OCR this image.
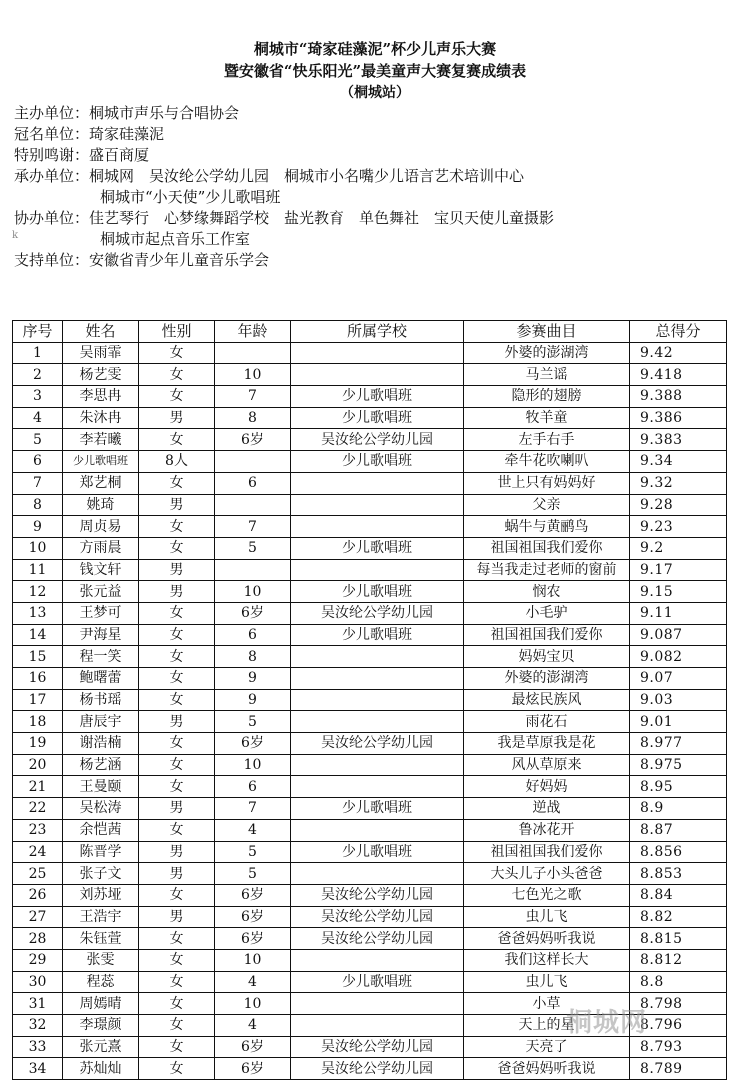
桐城市“琦家硅藻泥”杯少儿声乐大赛
暨安徽省“快乐阳光”最美童声大赛复赛成绩表
（桐城站）
主办单位：桐城市声乐与合唱协会
冠名单位：琦家硅藻泥
特别鸣谢：盛百商厦
承办单位：桐城网　吴汝纶公学幼儿园　桐城市小名嘴少儿语言艺术培训中心
桐城市“小天使”少儿歌唱班
协办单位：佳艺琴行　心梦缘舞蹈学校　盐光教育　单色舞社　宝贝天使儿童摄影
桐城市起点音乐工作室
支持单位：安徽省青少年儿童音乐学会
k
序号	姓名	性别	年龄	所属学校	参赛曲目	总得分
1	吴雨霏	女			外婆的澎湖湾	9.42
2	杨艺雯	女	10		马兰谣	9.418
3	李思冉	女	7	少儿歌唱班	隐形的翅膀	9.388
4	朱沐冉	男	8	少儿歌唱班	牧羊童	9.386
5	李若曦	女	6岁	吴汝纶公学幼儿园	左手右手	9.383
6	少儿歌唱班	8人		少儿歌唱班	牵牛花吹喇叭	9.34
7	郑艺桐	女	6		世上只有妈妈好	9.32
8	姚琦	男			父亲	9.28
9	周贞易	女	7		蜗牛与黄鹂鸟	9.23
10	方雨晨	女	5	少儿歌唱班	祖国祖国我们爱你	9.2
11	钱文轩	男			每当我走过老师的窗前	9.17
12	张元益	男	10	少儿歌唱班	悯农	9.15
13	王梦可	女	6岁	吴汝纶公学幼儿园	小毛驴	9.11
14	尹海星	女	6	少儿歌唱班	祖国祖国我们爱你	9.087
15	程一笑	女	8		妈妈宝贝	9.082
16	鲍曙蕾	女	9		外婆的澎湖湾	9.07
17	杨书瑶	女	9		最炫民族风	9.03
18	唐辰宇	男	5		雨花石	9.01
19	谢浩楠	女	6岁	吴汝纶公学幼儿园	我是草原我是花	8.977
20	杨艺涵	女	10		风从草原来	8.975
21	王曼颐	女	6		好妈妈	8.95
22	吴松涛	男	7	少儿歌唱班	逆战	8.9
23	余恺茜	女	4		鲁冰花开	8.87
24	陈晋学	男	5	少儿歌唱班	祖国祖国我们爱你	8.856
25	张子文	男	5		大头儿子小头爸爸	8.853
26	刘苏垭	女	6岁	吴汝纶公学幼儿园	七色光之歌	8.84
27	王浩宇	男	6岁	吴汝纶公学幼儿园	虫儿飞	8.82
28	朱钰萱	女	6岁	吴汝纶公学幼儿园	爸爸妈妈听我说	8.815
29	张雯	女	10		我们这样长大	8.812
30	程蕊	女	4	少儿歌唱班	虫儿飞	8.8
31	周嫣晴	女	10		小草	8.798
32	李璟颜	女	4		天上的星	8.796
33	张元熹	女	6岁	吴汝纶公学幼儿园	天亮了	8.793
34	苏灿灿	女	6岁	吴汝纶公学幼儿园	爸爸妈妈听我说	8.789
桐城网
